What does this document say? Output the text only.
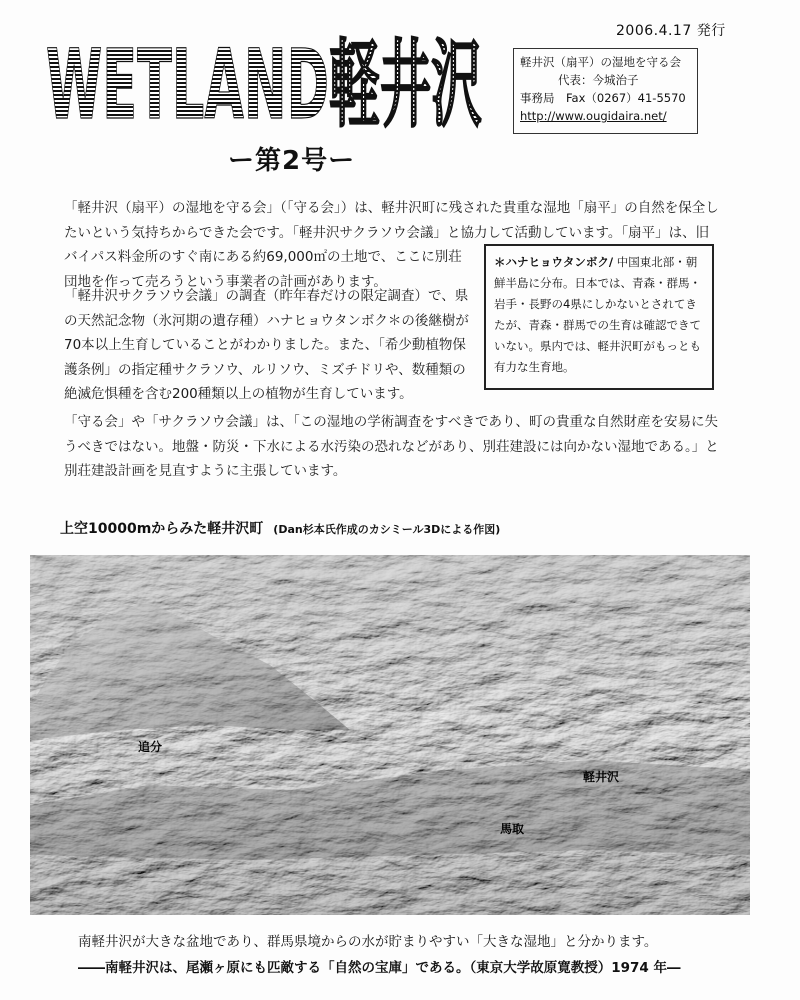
WETLAND軽井沢	2006.4.17 発行
軽井沢（扇平）の湿地を守る会
代表：今城治子
事務局　Fax（0267）41-5570
http://www.ougidaira.net/
ー第2号ー
「軽井沢（扇平）の湿地を守る会」（「守る会」）は、軽井沢町に残された貴重な湿地「扇平」の自然を保全したいという気持ちからできた会です。「軽井沢サクラソウ会議」と協力して活動しています。「扇平」は、旧
バイパス料金所のすぐ南にある約69,000㎡の土地で、ここに別荘団地を作って売ろうという事業者の計画があります。
「軽井沢サクラソウ会議」の調査（昨年春だけの限定調査）で、県の天然記念物（氷河期の遺存種）ハナヒョウタンボク＊の後継樹が70本以上生育していることがわかりました。また、「希少動植物保護条例」の指定種サクラソウ、ルリソウ、ミズチドリや、数種類の絶滅危惧種を含む200種類以上の植物が生育しています。
＊ハナヒョウタンボク/ 中国東北部・朝鮮半島に分布。日本では、青森・群馬・岩手・長野の4県にしかないとされてきたが、青森・群馬での生育は確認できていない。県内では、軽井沢町がもっとも有力な生育地。
「守る会」や「サクラソウ会議」は、「この湿地の学術調査をすべきであり、町の貴重な自然財産を安易に失うべきではない。地盤・防災・下水による水汚染の恐れなどがあり、別荘建設には向かない湿地である。」と別荘建設計画を見直すように主張しています。
上空10000mからみた軽井沢町 (Dan杉本氏作成のカシミール3Dによる作図)
追分
軽井沢
馬取
南軽井沢が大きな盆地であり、群馬県境からの水が貯まりやすい「大きな湿地」と分かります。
――南軽井沢は、尾瀬ヶ原にも匹敵する「自然の宝庫」である。（東京大学故原寛教授）1974 年―
